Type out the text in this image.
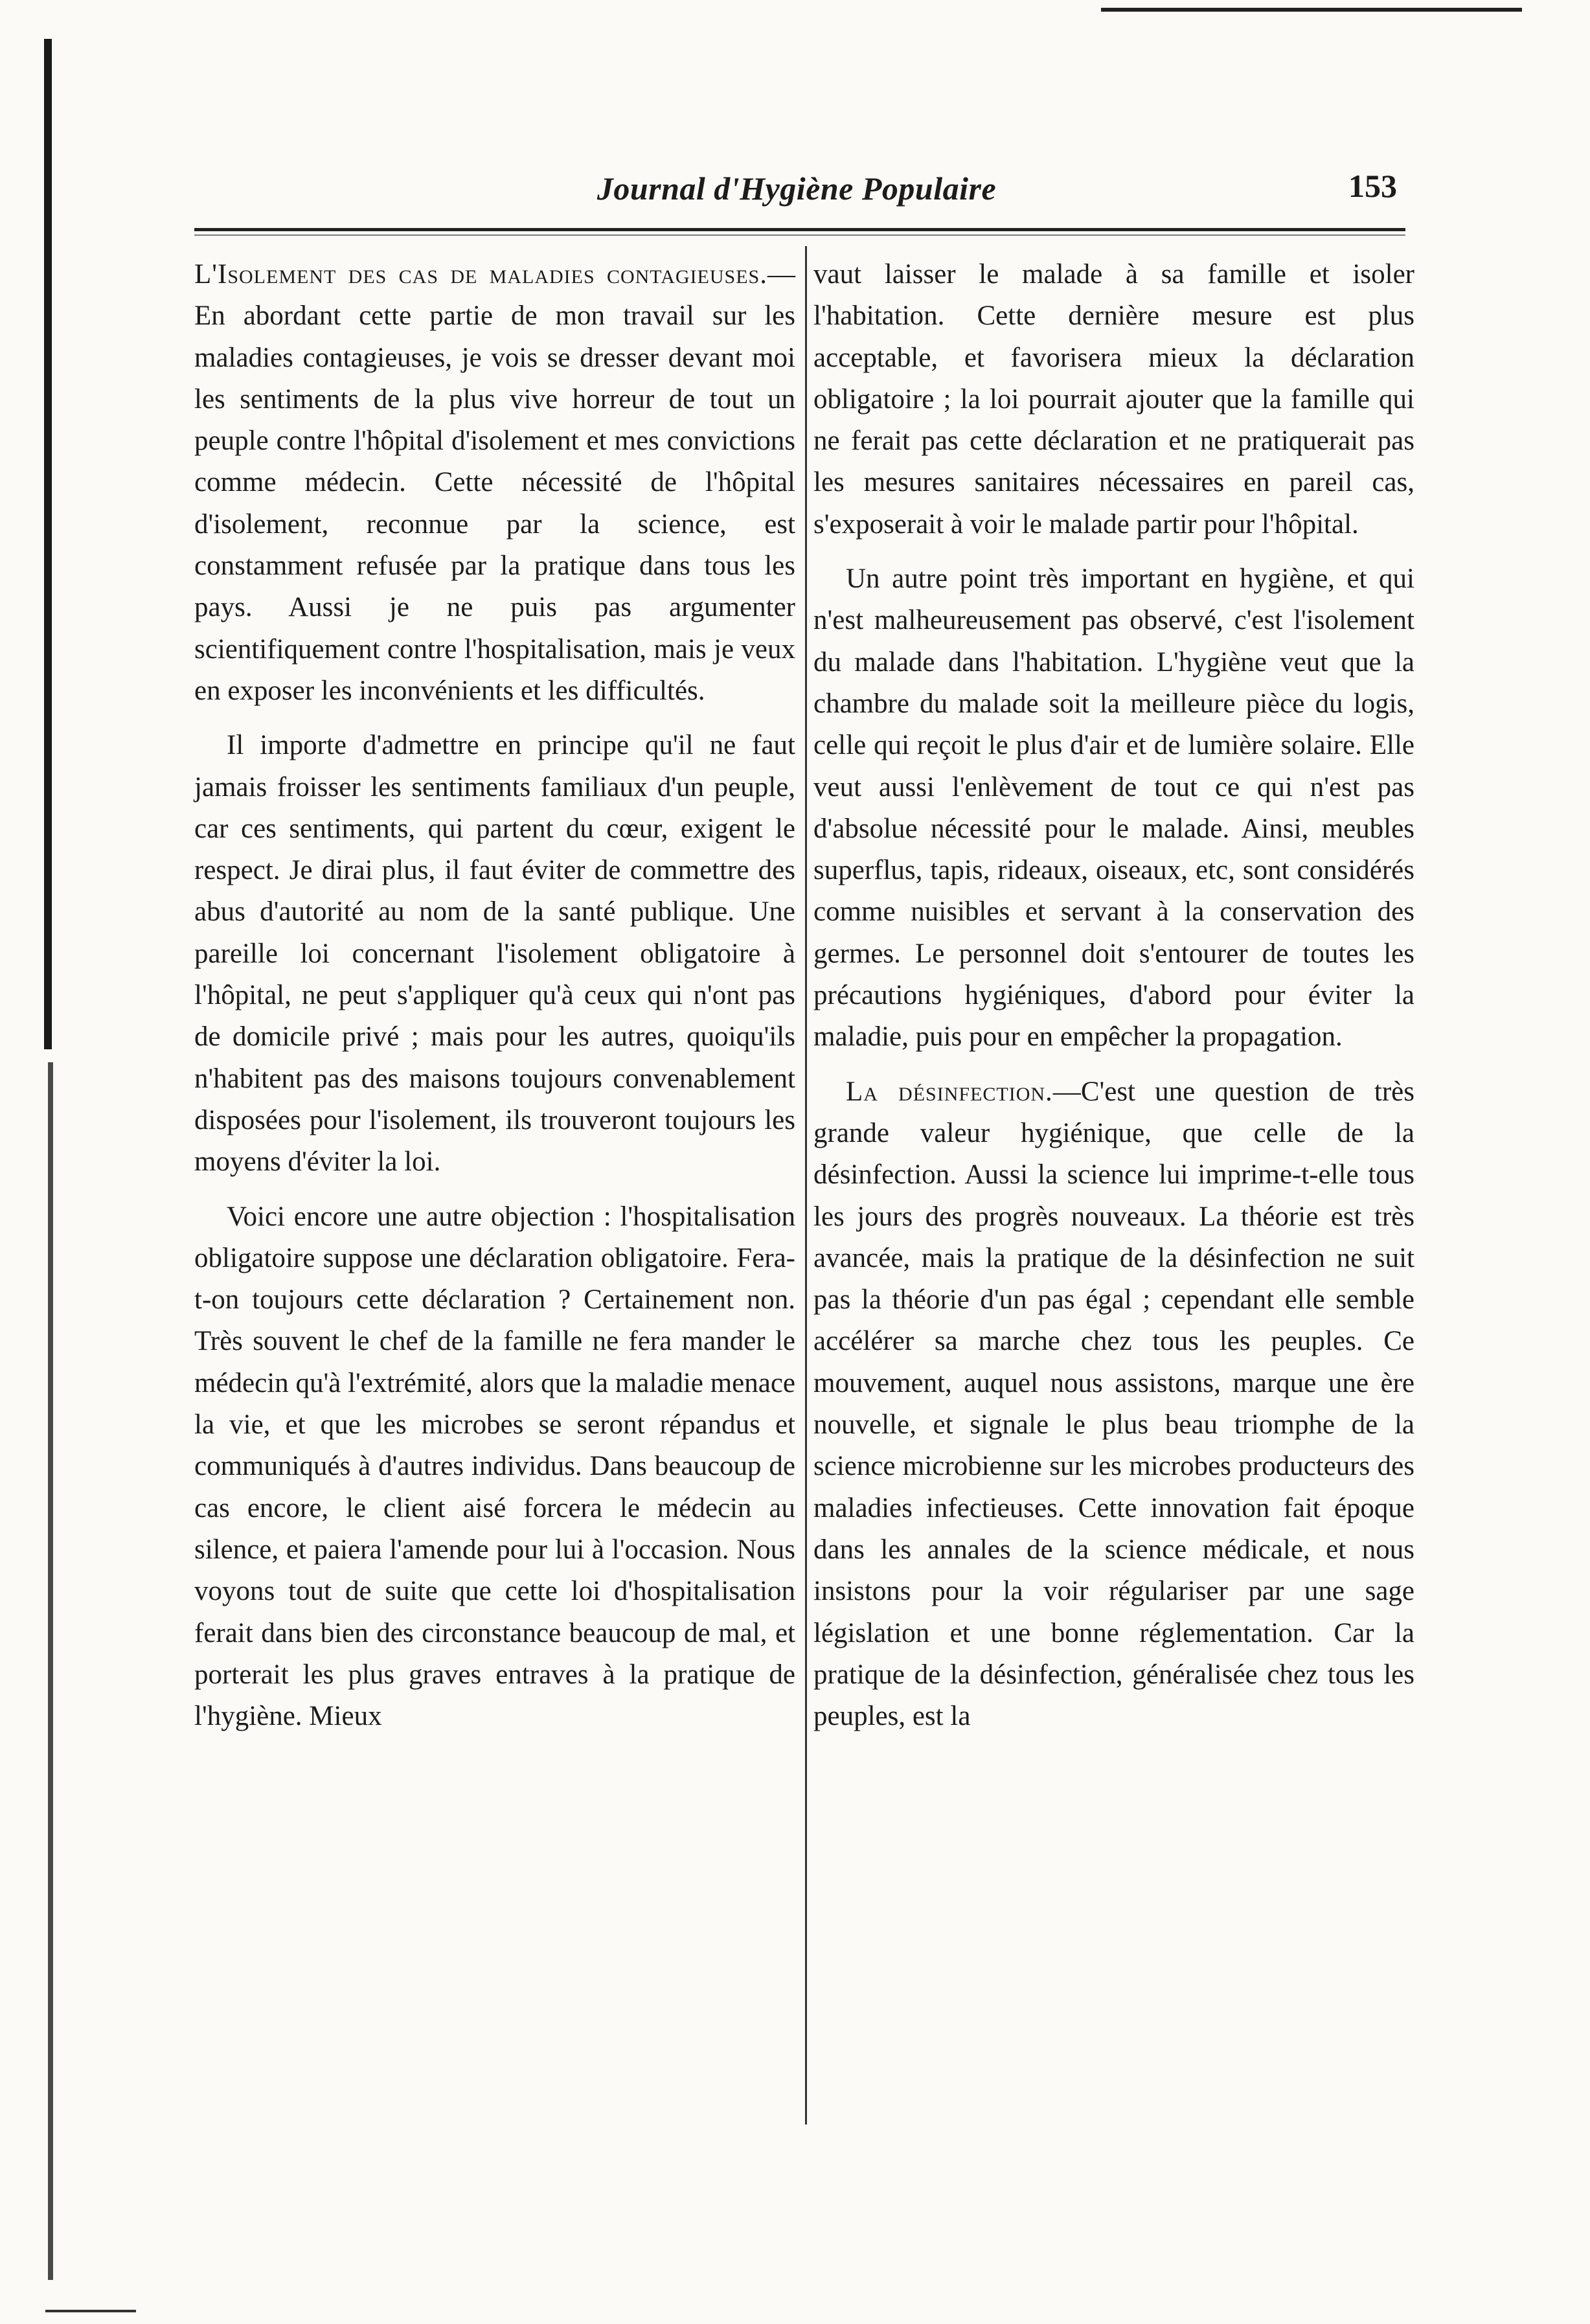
Journal d'Hygiène Populaire	153

L'Isolement des cas de maladies contagieuses.— En abordant cette partie de mon travail sur les maladies contagieuses, je vois se dresser devant moi les sentiments de la plus vive horreur de tout un peuple contre l'hôpital d'isolement et mes convictions comme médecin. Cette nécessité de l'hôpital d'isolement, reconnue par la science, est constamment refusée par la pratique dans tous les pays. Aussi je ne puis pas argumenter scientifiquement contre l'hospitalisation, mais je veux en exposer les inconvénients et les difficultés.

Il importe d'admettre en principe qu'il ne faut jamais froisser les sentiments familiaux d'un peuple, car ces sentiments, qui partent du cœur, exigent le respect. Je dirai plus, il faut éviter de commettre des abus d'autorité au nom de la santé publique. Une pareille loi concernant l'isolement obligatoire à l'hôpital, ne peut s'appliquer qu'à ceux qui n'ont pas de domicile privé ; mais pour les autres, quoiqu'ils n'habitent pas des maisons toujours convenablement disposées pour l'isolement, ils trouveront toujours les moyens d'éviter la loi.

Voici encore une autre objection : l'hospitalisation obligatoire suppose une déclaration obligatoire. Fera-t-on toujours cette déclaration ? Certainement non. Très souvent le chef de la famille ne fera mander le médecin qu'à l'extrémité, alors que la maladie menace la vie, et que les microbes se seront répandus et communiqués à d'autres individus. Dans beaucoup de cas encore, le client aisé forcera le médecin au silence, et paiera l'amende pour lui à l'occasion. Nous voyons tout de suite que cette loi d'hospitalisation ferait dans bien des circonstance beaucoup de mal, et porterait les plus graves entraves à la pratique de l'hygiène. Mieux

vaut laisser le malade à sa famille et isoler l'habitation. Cette dernière mesure est plus acceptable, et favorisera mieux la déclaration obligatoire ; la loi pourrait ajouter que la famille qui ne ferait pas cette déclaration et ne pratiquerait pas les mesures sanitaires nécessaires en pareil cas, s'exposerait à voir le malade partir pour l'hôpital.

Un autre point très important en hygiène, et qui n'est malheureusement pas observé, c'est l'isolement du malade dans l'habitation. L'hygiène veut que la chambre du malade soit la meilleure pièce du logis, celle qui reçoit le plus d'air et de lumière solaire. Elle veut aussi l'enlèvement de tout ce qui n'est pas d'absolue nécessité pour le malade. Ainsi, meubles superflus, tapis, rideaux, oiseaux, etc, sont considérés comme nuisibles et servant à la conservation des germes. Le personnel doit s'entourer de toutes les précautions hygiéniques, d'abord pour éviter la maladie, puis pour en empêcher la propagation.

La désinfection.—C'est une question de très grande valeur hygiénique, que celle de la désinfection. Aussi la science lui imprime-t-elle tous les jours des progrès nouveaux. La théorie est très avancée, mais la pratique de la désinfection ne suit pas la théorie d'un pas égal ; cependant elle semble accélérer sa marche chez tous les peuples. Ce mouvement, auquel nous assistons, marque une ère nouvelle, et signale le plus beau triomphe de la science microbienne sur les microbes producteurs des maladies infectieuses. Cette innovation fait époque dans les annales de la science médicale, et nous insistons pour la voir régulariser par une sage législation et une bonne réglementation. Car la pratique de la désinfection, généralisée chez tous les peuples, est la
